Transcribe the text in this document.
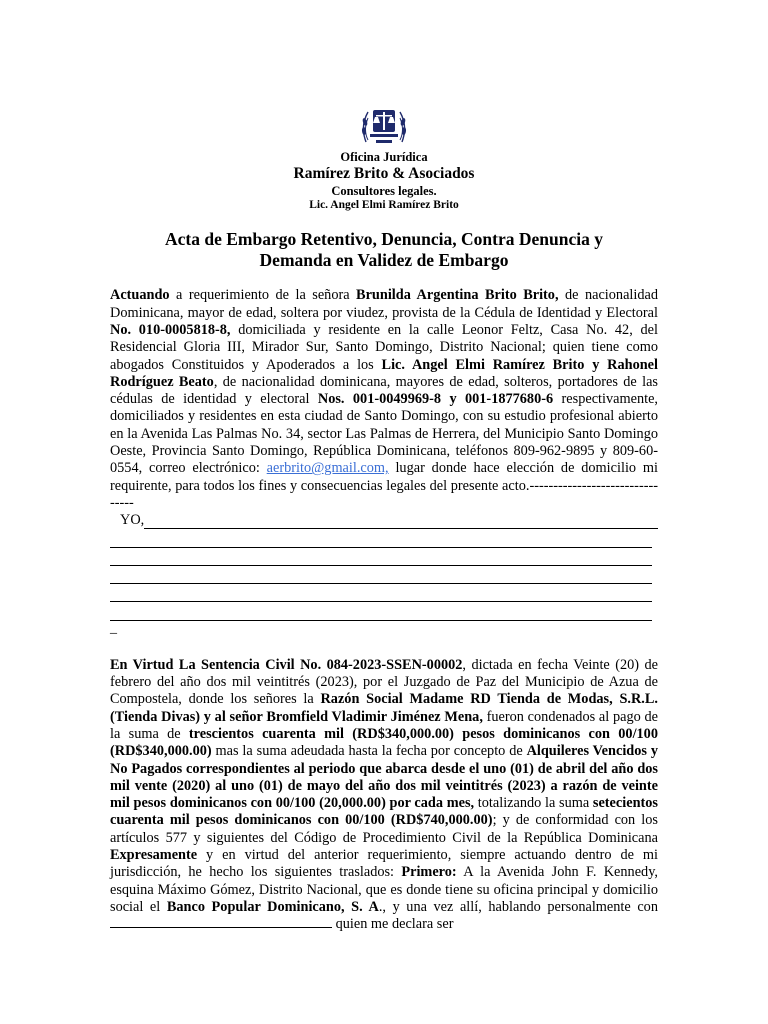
Oficina Jurídica
Ramírez Brito & Asociados
Consultores legales.
Lic. Angel Elmi Ramírez Brito
Acta de Embargo Retentivo, Denuncia, Contra Denuncia y
Demanda en Validez de Embargo
Actuando a requerimiento de la señora Brunilda Argentina Brito Brito, de nacionalidad Dominicana, mayor de edad, soltera por viudez, provista de la Cédula de Identidad y Electoral No. 010-0005818-8, domiciliada y residente en la calle Leonor Feltz, Casa No. 42, del Residencial Gloria III, Mirador Sur, Santo Domingo, Distrito Nacional; quien tiene como abogados Constituidos y Apoderados a los Lic. Angel Elmi Ramírez Brito y Rahonel Rodríguez Beato, de nacionalidad dominicana, mayores de edad, solteros, portadores de las cédulas de identidad y electoral Nos. 001-0049969-8 y 001-1877680-6 respectivamente, domiciliados y residentes en esta ciudad de Santo Domingo, con su estudio profesional abierto en la Avenida Las Palmas No. 34, sector Las Palmas de Herrera, del Municipio Santo Domingo Oeste, Provincia Santo Domingo, República Dominicana, teléfonos 809-962-9895 y 809-60-0554, correo electrónico: aerbrito@gmail.com, lugar donde hace elección de domicilio mi requirente, para todos los fines y consecuencias legales del presente acto.--------------------------------
YO,
_
En Virtud La Sentencia Civil No. 084-2023-SSEN-00002, dictada en fecha Veinte (20) de febrero del año dos mil veintitrés (2023), por el Juzgado de Paz del Municipio de Azua de Compostela, donde los señores la Razón Social Madame RD Tienda de Modas, S.R.L. (Tienda Divas) y al señor Bromfield Vladimir Jiménez Mena, fueron condenados al pago de la suma de trescientos cuarenta mil (RD$340,000.00) pesos dominicanos con 00/100 (RD$340,000.00) mas la suma adeudada hasta la fecha por concepto de Alquileres Vencidos y No Pagados correspondientes al periodo que abarca desde el uno (01) de abril del año dos mil vente (2020) al uno (01) de mayo del año dos mil veintitrés (2023) a razón de veinte mil pesos dominicanos con 00/100 (20,000.00) por cada mes, totalizando la suma setecientos cuarenta mil pesos dominicanos con 00/100 (RD$740,000.00); y de conformidad con los artículos 577 y siguientes del Código de Procedimiento Civil de la República Dominicana Expresamente y en virtud del anterior requerimiento, siempre actuando dentro de mi jurisdicción, he hecho los siguientes traslados: Primero: A la Avenida John F. Kennedy, esquina Máximo Gómez, Distrito Nacional, que es donde tiene su oficina principal y domicilio social el Banco Popular Dominicano, S. A., y una vez allí, hablando personalmente con  quien me declara ser
